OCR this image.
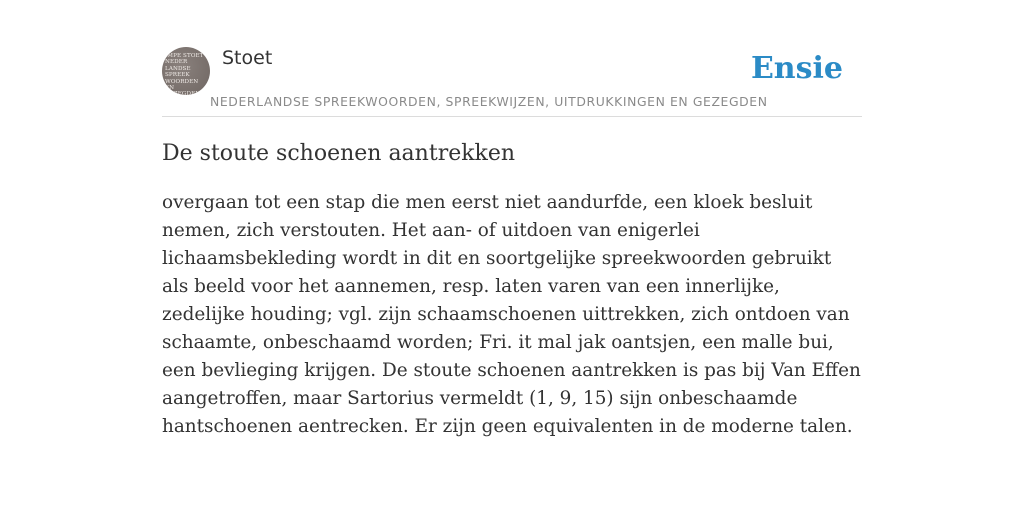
IMPE STOET
NEDER
LANDSE
SPREEK
WOORDEN EN
GEZEGDEN
Stoet
NEDERLANDSE SPREEKWOORDEN, SPREEKWIJZEN, UITDRUKKINGEN EN GEZEGDEN
Ensie
De stoute schoenen aantrekken

overgaan tot een stap die men eerst niet aandurfde, een kloek besluit nemen, zich verstouten. Het aan- of uitdoen van enigerlei lichaamsbekleding wordt in dit en soortgelijke spreekwoorden gebruikt als beeld voor het aannemen, resp. laten varen van een innerlijke, zedelijke houding; vgl. zijn schaamschoenen uittrekken, zich ontdoen van schaamte, onbeschaamd worden; Fri. it mal jak oantsjen, een malle bui, een bevlieging krijgen. De stoute schoenen aantrekken is pas bij Van Effen aangetroffen, maar Sartorius vermeldt (1, 9, 15) sijn onbeschaamde hantschoenen aentrecken. Er zijn geen equivalenten in de moderne talen.
